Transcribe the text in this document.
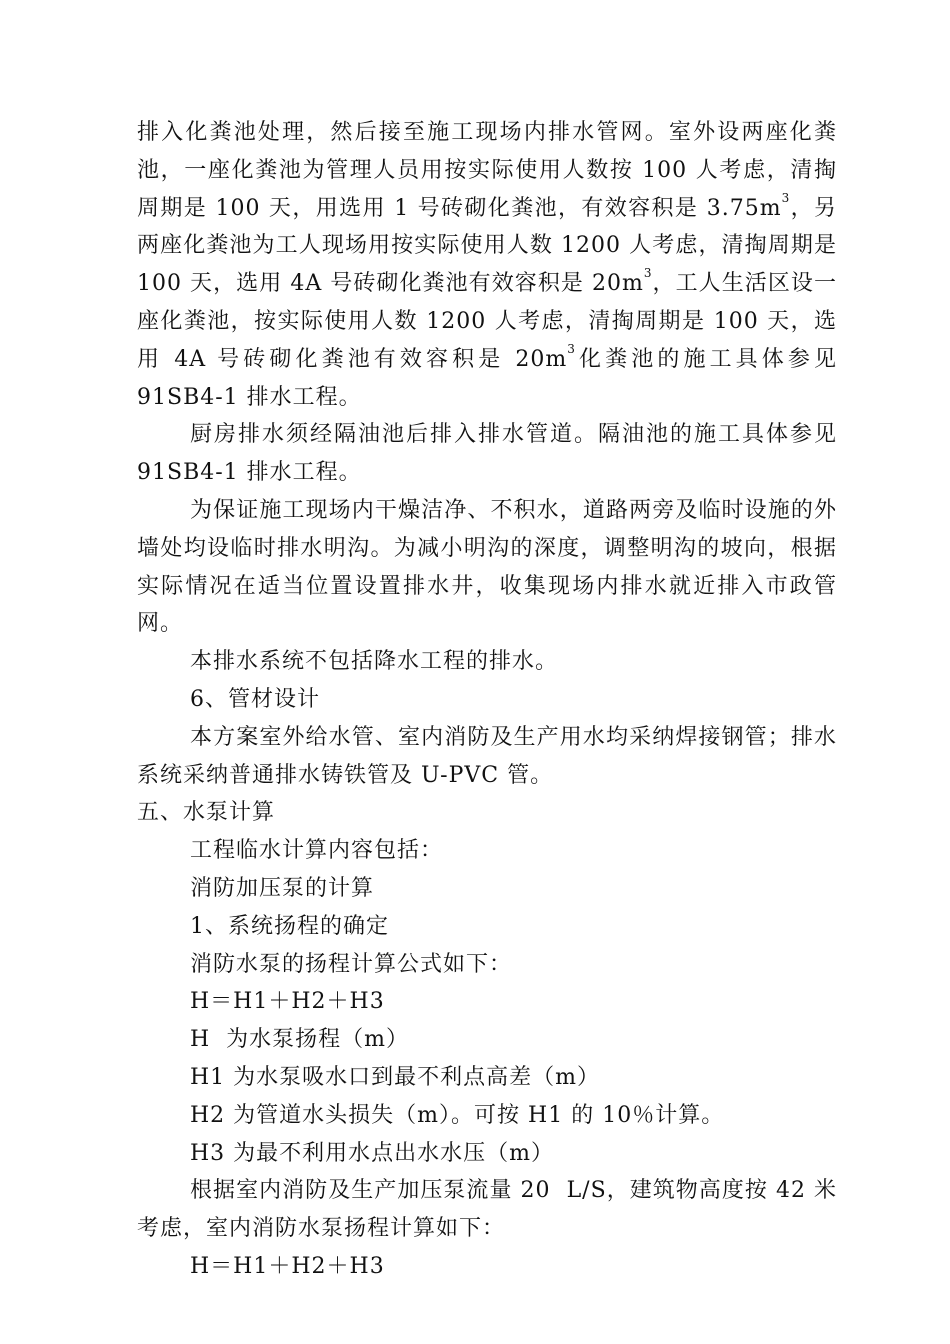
排入化粪池处理，然后接至施工现场内排水管网。室外设两座化粪池，一座化粪池为管理人员用按实际使用人数按 100 人考虑，清掏周期是 100 天，用选用 1 号砖砌化粪池，有效容积是 $3.75m^3$，另两座化粪池为工人现场用按实际使用人数 1200 人考虑，清掏周期是 100 天，选用 4A 号砖砌化粪池有效容积是 $20m^3$，工人生活区设一座化粪池，按实际使用人数 1200 人考虑，清掏周期是 100 天，选用 4A 号砖砌化粪池有效容积是 $20m^3$化粪池的施工具体参见 91SB4-1 排水工程。

厨房排水须经隔油池后排入排水管道。隔油池的施工具体参见 91SB4-1 排水工程。

为保证施工现场内干燥洁净、不积水，道路两旁及临时设施的外墙处均设临时排水明沟。为减小明沟的深度，调整明沟的坡向，根据实际情况在适当位置设置排水井，收集现场内排水就近排入市政管网。

本排水系统不包括降水工程的排水。

6、管材设计

本方案室外给水管、室内消防及生产用水均采纳焊接钢管；排水系统采纳普通排水铸铁管及 U-PVC 管。

五、水泵计算

工程临水计算内容包括：

消防加压泵的计算

1、系统扬程的确定

消防水泵的扬程计算公式如下：

H＝H1＋H2＋H3

H  为水泵扬程（m）

H1 为水泵吸水口到最不利点高差（m）

H2 为管道水头损失（m）。可按 H1 的 10％计算。

H3 为最不利用水点出水水压（m）

根据室内消防及生产加压泵流量 20  L/S，建筑物高度按 42 米考虑，室内消防水泵扬程计算如下：

H＝H1＋H2＋H3
